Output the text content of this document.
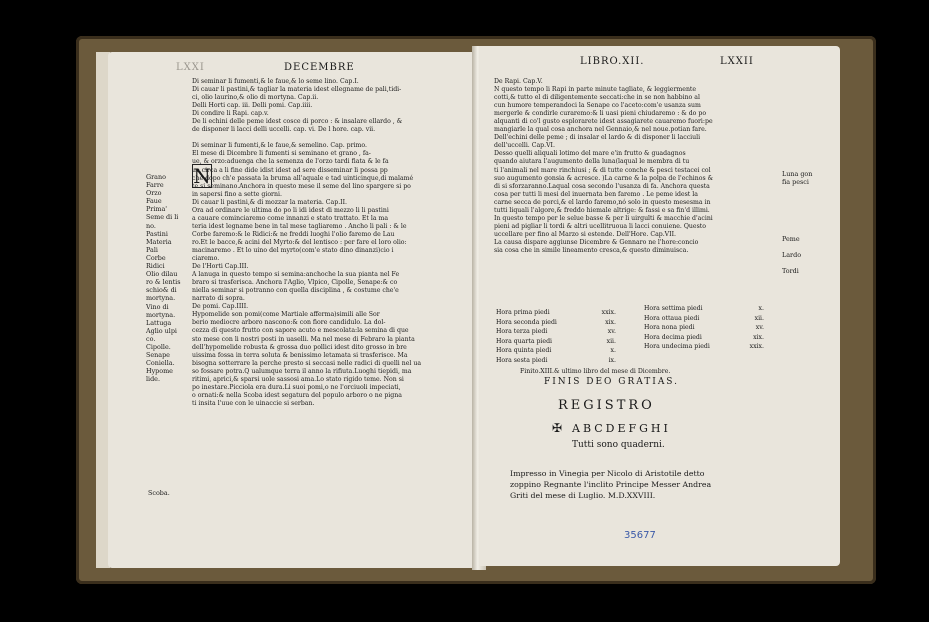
LXXI	DECEMBRE
Di seminar li fumenti,& le faue,& lo seme lino. Cap.I.
Di cauar li pastini,& tagliar la materia idest ellegname de pali,tidi-
ci, olio laurino,& olio di mortyna. Cap.ii.
Delli Horti cap. iii. Delli pomi. Cap.iiii.
Di condire li Rapi. cap.v.
De li echini delle peme idest cosce di porco : & insalare ellardo , &
de disponer li lacci delli uccelli. cap. vi. De l hore. cap. vii.

Di seminar li fumenti,& le faue,& semelino. Cap. primo.
El mese di Dicembre li fumenti si seminano et grano , fa-
ue, & orzo:aduenga che la semenza de l'orzo tardi fiata & le fa
ue,circa a li fine dide idist idest ad sere disseminar li possa pp
che dopo ch'e passata la bruma all'aquale e tad uinticinque,di malamé
te si seminano.Anchora in questo mese il seme del lino spargere si po
in sapersi fino a sette giorni.
Di cauar li pastini,& di mozzar la materia. Cap.II.
Ora ad ordinare le ultima do po li idi idest di mezzo li li pastini
a cauare cominciaremo come innanzi e stato trattato. Et la ma
teria idest legname bene in tal mese tagliaremo . Ancho li pali : & le
Corbe faremo:& le Ridici:& ne freddi luoghi l'olio faremo de Lau
ro.Et le bacce,& acini del Myrto:& del lentisco : per fare el loro olio:
macinaremo . Et lo uino del myrto(com'e stato dino dinanzi)cio i
ciaremo.
De l'Horti Cap.III.
A lanuga in questo tempo si semina:anchoche la sua pianta nel Fe
braro si trasferisca. Anchora l'Aglio, Vlpico, Cipolle, Senape:& co
niella seminar si potranno con quella disciplina , & costume che'e
narrato di sopra.
De pomi. Cap.IIII.
Hypomelide son pomi(come Martiale afferma)simili alle Sor
berio mediocre arboro nascono:& con fiore candidulo. La dol-
cezza di questo frutto con sapore acuto e mescolata:la semina di que
sto mese con li nostri posti in uaselli. Ma nel mese di Febraro la pianta
dell'hypomelide robusta & grossa duo pollici idest dito grosso in bre
uissima fossa in terra soluta & benissimo letamata si trasferisce. Ma
bisogna sotterrare la perche presto si seccasi nelle radici di quelli nel ua
so fossare potra.Q ualumque terra il anno la rifiuta.Luoghi tiepidi, ma
ritimi, aprici,& sparsi uole sassosi ama.Lo stato rigido teme. Non si
po inestare.Picciola era dura.Li suoi pomi,o ne l'orciuoli impeciati,
o ornati:& nella Scoba idest segatura del populo arboro o ne pigna
ti insita l'uue con le uinaccie si serban.
Grano
Farre
Orzo
Faue
Prima'
Seme di li
no.
Pastini
Materia
Pali
Corbe
Ridici
Olio dilau
ro & lentis
schio& di
mortyna.
Vino di
mortyna.
Lattuga
Aglio ulpi
co.
Cipolle.
Senape
Coniella.
Hypome
lide.
Scoba.
N
LIBRO.XII.	LXXII
De Rapi. Cap.V.
N questo tempo li Rapi in parte minute tagliate, & leggiermente
cotti,& tutto el di diligentemente seccati:che in se non habbino al
cun humore temperandoci la Senape co l'aceto:com'e usanza sum
mergerle & condirle curaremo:& li uasi pieni chiudaremo : & do po
alquanti di co'l gusto esplorarete idest assagiarete cauaremo fuori:pe
mangiarle la qual cosa anchora nel Gennaio,& nel noue.potian fare.
Dell'echini delle peme ; di insalar el lardo & di disponer li lacciuli
dell'uccelli. Cap.VI.
Desso quelli aliquali lotimo del mare e'in frutto & guadagnos
quando aiutara l'augumento della luna(laqual le membra di tu
ti l'animali nel mare rinchiusi ; & di tutte conche & pesci testacei col
suo augumento gonsia & acresce. )La carne & la polpa de l'echinos &
di si sforzaranno.Laqual cosa secondo l'usanza di fa. Anchora questa
cosa per tutti li mesi del inuernata ben faremo . Le peme idest la
carne secca de porci,& el lardo faremo,nó solo in questo mesesma in
tutti liquali l'algore,& freddo hiemale altrige: & fassi e sa fin'd illimi.
In questo tempo per le selue basse & per li uirgulti & macchie d'acini
pieni ad pigliar li tordi & altri ucellitruoua li lacci conuiene. Questo
uccellare per fino al Marzo si estende. Dell'Hore. Cap.VII.
La causa dispare aggiunse Dicembre & Gennaro ne l'hore:concio
sia cosa che in simile lineamento cresca,& questo diminuisca.
Luna gon
fia pesci

Peme

Lardo

Tordi
Hora prima piedi	xxix.
Hora seconda piedi	xix.
Hora terza piedi	xv.
Hora quarta piedi	xii.
Hora quinta piedi	x.
Hora sesta piedi	ix.
Hora settima piedi	x.
Hora ottaua piedi	xii.
Hora nona piedi	xv.
Hora decima piedi	xix.
Hora undecima piedi	xxix.
Finito.XIII.& ultimo libro del mese di Dicembre.
FINIS DEO GRATIAS.
REGISTRO
✠ ABCDEFGHI
Tutti sono quaderni.
Impresso in Vinegia per Nicolo di Aristotile detto
zoppino Regnante l'inclito Principe Messer Andrea
Griti del mese di Luglio. M.D.XXVIII.
35677
